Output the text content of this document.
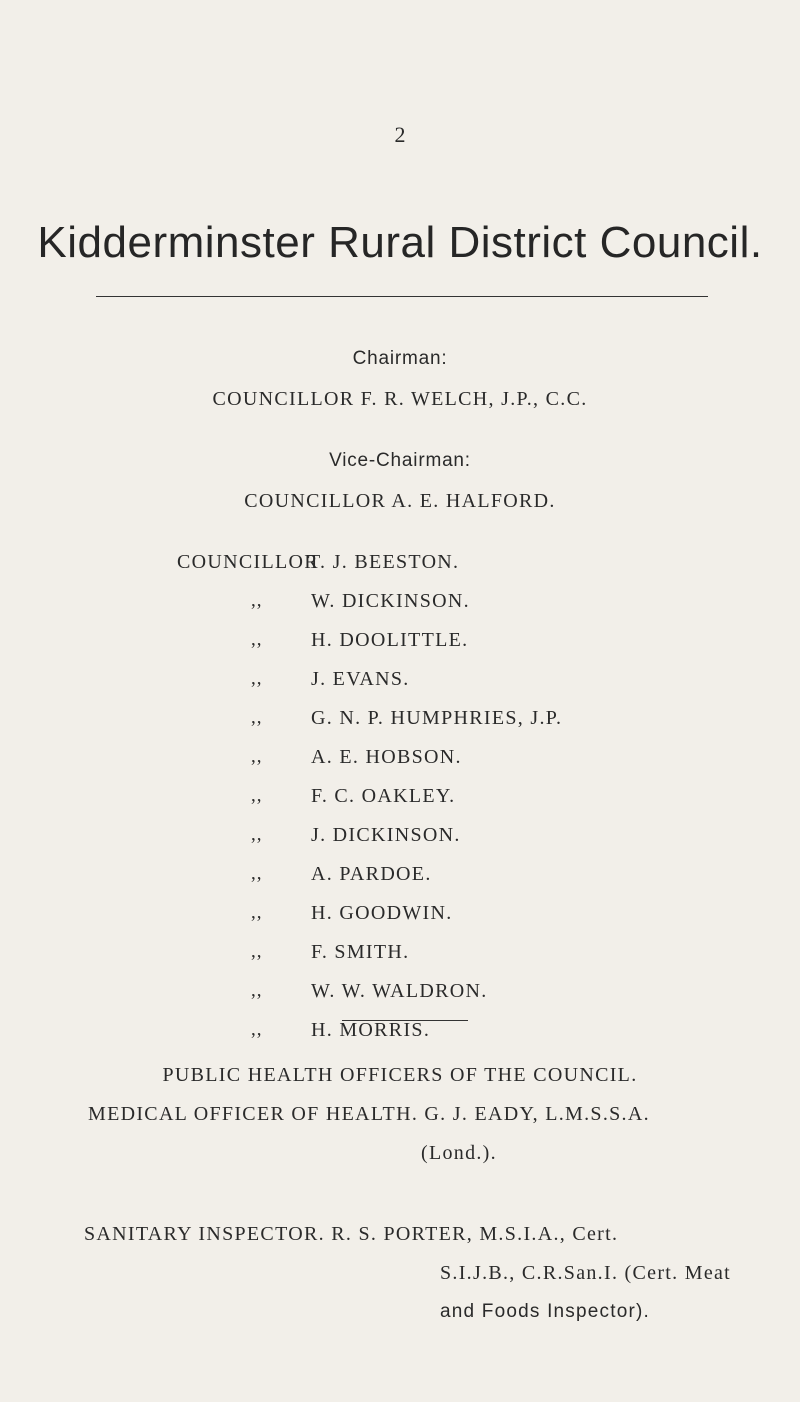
2
Kidderminster Rural District Council.
Chairman:
COUNCILLOR F. R. WELCH, J.P., C.C.
Vice-Chairman:
COUNCILLOR A. E. HALFORD.
COUNCILLOR
T. J. BEESTON.
,, W. DICKINSON.
,, H. DOOLITTLE.
,, J. EVANS.
,, G. N. P. HUMPHRIES, J.P.
,, A. E. HOBSON.
,, F. C. OAKLEY.
,, J. DICKINSON.
,, A. PARDOE.
,, H. GOODWIN.
,, F. SMITH.
,, W. W. WALDRON.
,, H. MORRIS.
PUBLIC HEALTH OFFICERS OF THE COUNCIL.
MEDICAL OFFICER OF HEALTH. G. J. EADY, L.M.S.S.A.
(Lond.).
SANITARY INSPECTOR. R. S. PORTER, M.S.I.A., Cert.
S.I.J.B., C.R.San.I. (Cert. Meat
and Foods Inspector).
